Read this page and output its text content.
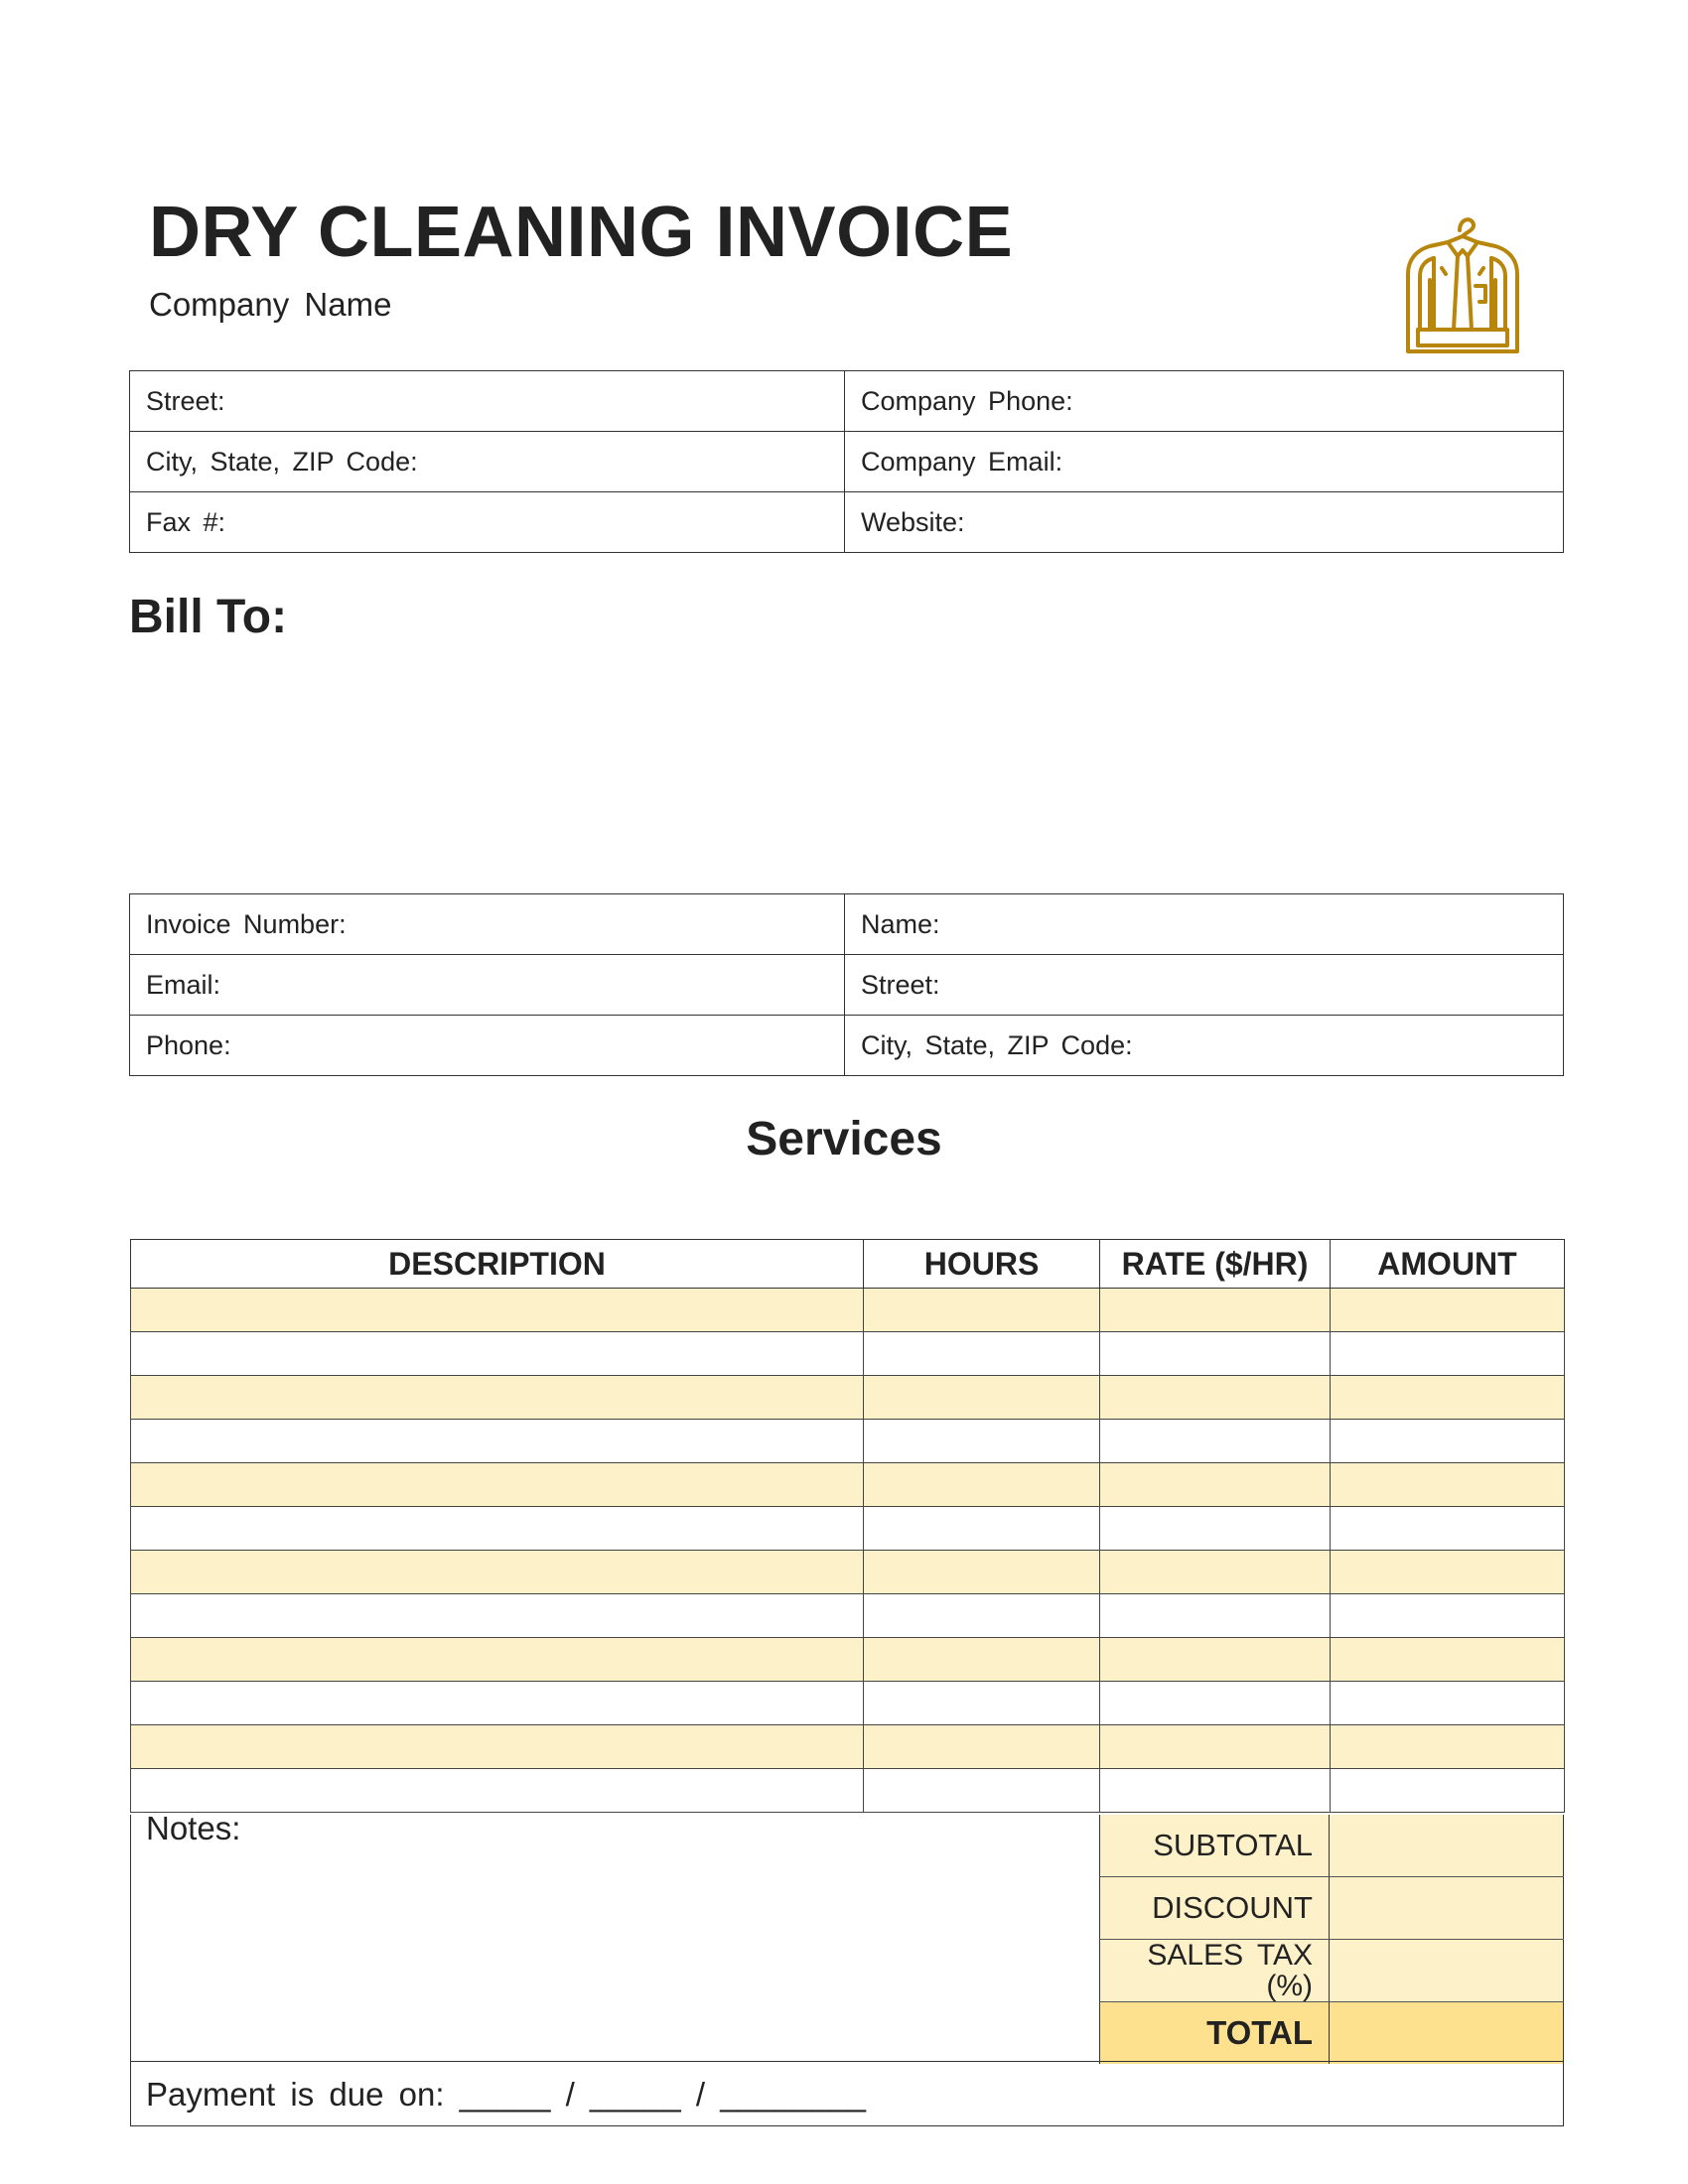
DRY CLEANING INVOICE
Company Name
Street:	Company Phone:
City, State, ZIP Code:	Company Email:
Fax #:	Website:
Bill To:
Invoice Number:	Name:
Email:	Street:
Phone:	City, State, ZIP Code:
Services
DESCRIPTION	HOURS	RATE ($/HR)	AMOUNT

Notes:	SUBTOTAL
DISCOUNT
SALES TAX
(%)
TOTAL
Payment is due on: _____ / _____ / ________
